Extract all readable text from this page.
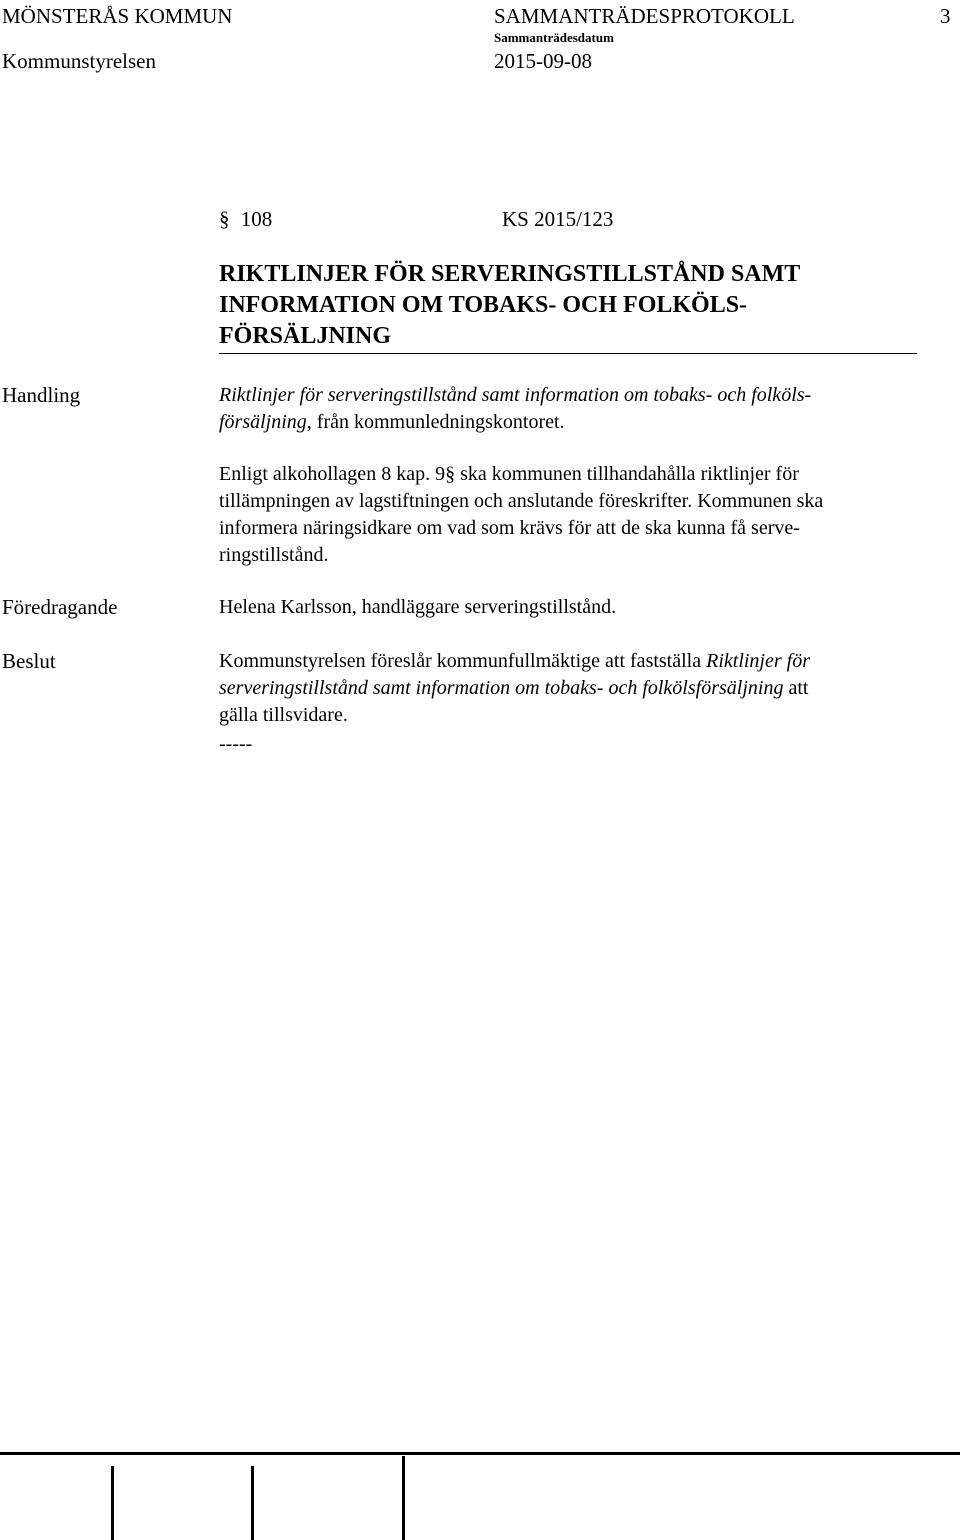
MÖNSTERÅS KOMMUN	SAMMANTRÄDESPROTOKOLL	3
Sammanträdesdatum
Kommunstyrelsen	2015-09-08
§ 108	KS 2015/123
RIKTLINJER FÖR SERVERINGSTILLSTÅND SAMT
INFORMATION OM TOBAKS- OCH FOLKÖLS-
FÖRSÄLJNING
Handling	Riktlinjer för serveringstillstånd samt information om tobaks- och folköls-
försäljning, från kommunledningskontoret.
Enligt alkohollagen 8 kap. 9§ ska kommunen tillhandahålla riktlinjer för
tillämpningen av lagstiftningen och anslutande föreskrifter. Kommunen ska
informera näringsidkare om vad som krävs för att de ska kunna få serve-
ringstillstånd.
Föredragande	Helena Karlsson, handläggare serveringstillstånd.
Beslut	Kommunstyrelsen föreslår kommunfullmäktige att fastställa Riktlinjer för
serveringstillstånd samt information om tobaks- och folkölsförsäljning att
gälla tillsvidare.
-----
